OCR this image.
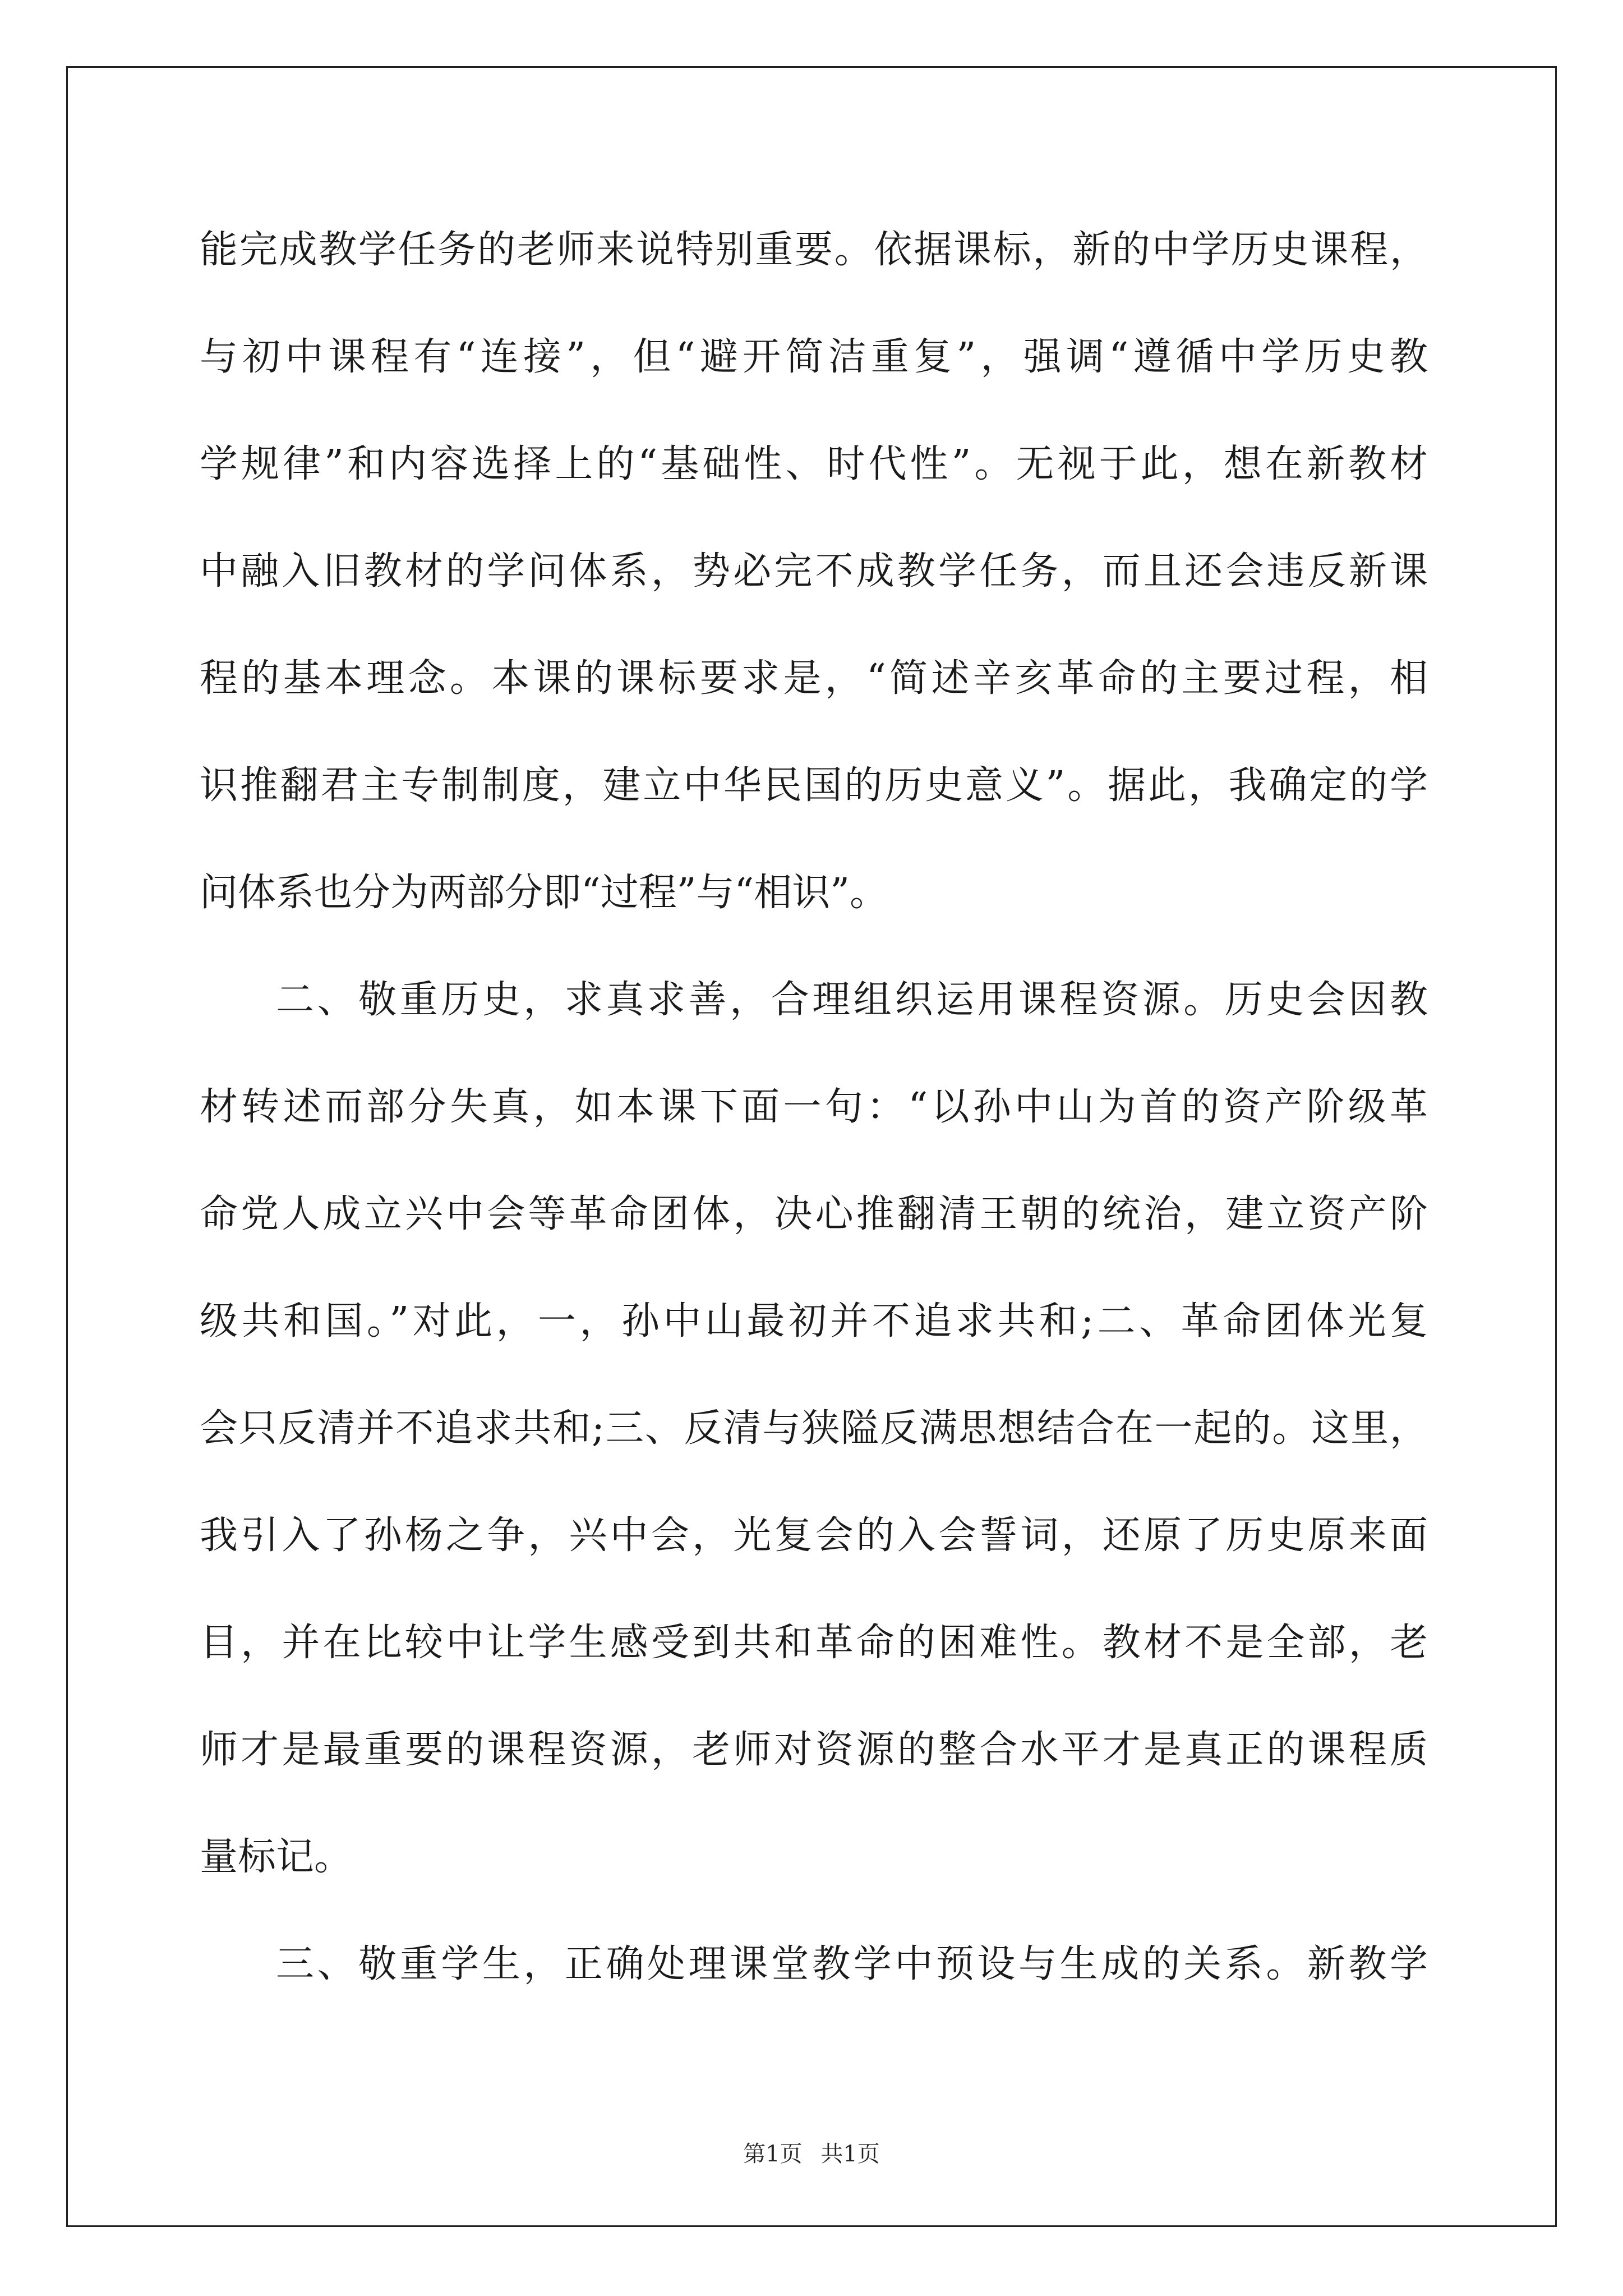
能完成教学任务的老师来说特别重要。依据课标，新的中学历史课程，
与初中课程有“连接”，但“避开简洁重复”，强调“遵循中学历史教
学规律”和内容选择上的“基础性、时代性”。无视于此，想在新教材
中融入旧教材的学问体系，势必完不成教学任务，而且还会违反新课
程的基本理念。本课的课标要求是，“简述辛亥革命的主要过程，相
识推翻君主专制制度，建立中华民国的历史意义”。据此，我确定的学
问体系也分为两部分即“过程”与“相识”。
二、敬重历史，求真求善，合理组织运用课程资源。历史会因教
材转述而部分失真，如本课下面一句：“以孙中山为首的资产阶级革
命党人成立兴中会等革命团体，决心推翻清王朝的统治，建立资产阶
级共和国。”对此，一，孙中山最初并不追求共和;二、革命团体光复
会只反清并不追求共和;三、反清与狭隘反满思想结合在一起的。这里，
我引入了孙杨之争，兴中会，光复会的入会誓词，还原了历史原来面
目，并在比较中让学生感受到共和革命的困难性。教材不是全部，老
师才是最重要的课程资源，老师对资源的整合水平才是真正的课程质
量标记。
三、敬重学生，正确处理课堂教学中预设与生成的关系。新教学
第1页 共1页
